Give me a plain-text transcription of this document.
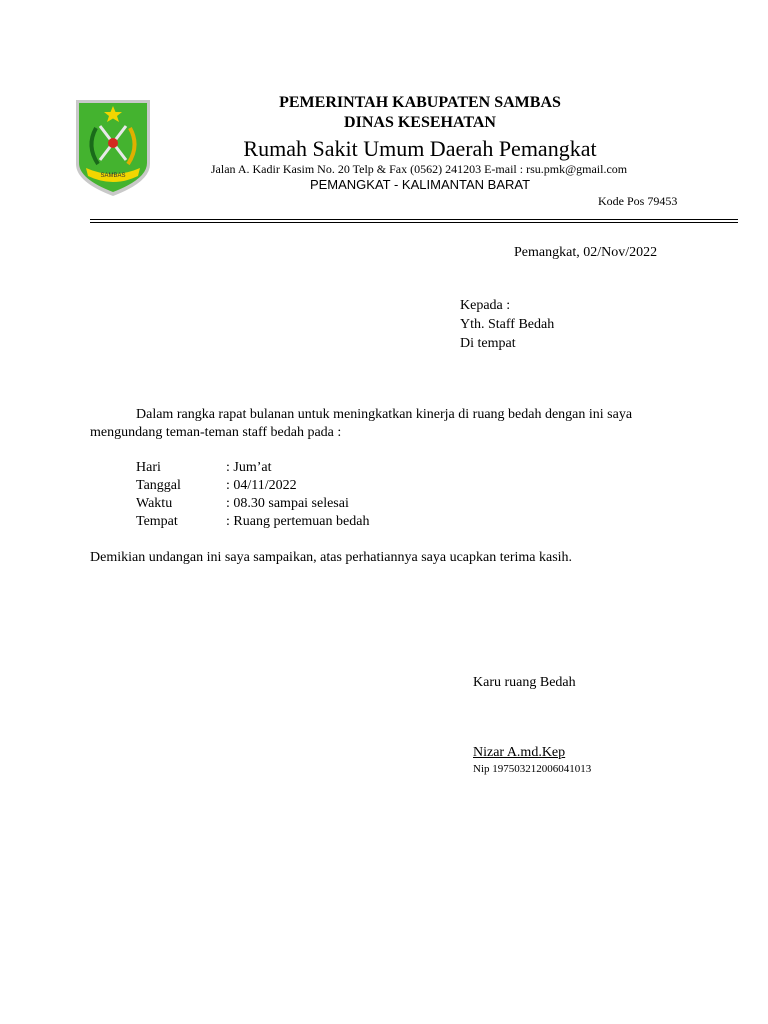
SAMBAS
PEMERINTAH KABUPATEN SAMBAS
DINAS KESEHATAN
Rumah Sakit Umum Daerah Pemangkat
Jalan A. Kadir Kasim No. 20 Telp & Fax (0562) 241203 E-mail : rsu.pmk@gmail.com
PEMANGKAT - KALIMANTAN BARAT
Kode Pos 79453
Pemangkat, 02/Nov/2022
Kepada :
Yth. Staff Bedah
Di tempat
Dalam rangka rapat bulanan untuk meningkatkan kinerja di ruang bedah dengan ini saya
mengundang teman-teman staff bedah pada :
Hari	: Jum’at
Tanggal	: 04/11/2022
Waktu	: 08.30 sampai selesai
Tempat	: Ruang pertemuan bedah
Demikian undangan ini saya sampaikan, atas perhatiannya saya ucapkan terima kasih.
Karu ruang Bedah
Nizar A.md.Kep
Nip 197503212006041013
